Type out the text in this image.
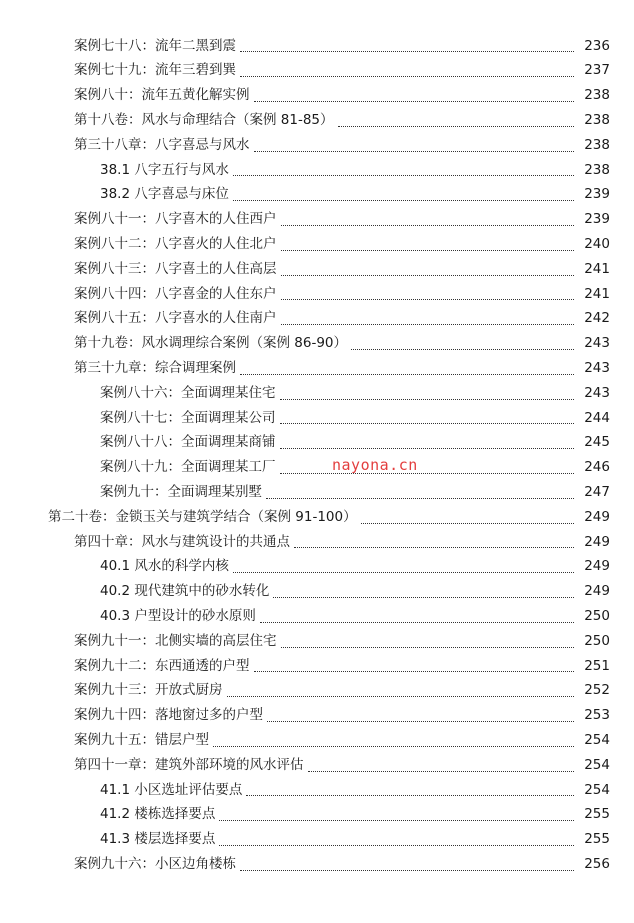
案例七十八：流年二黑到震	236
案例七十九：流年三碧到巽	237
案例八十：流年五黄化解实例	238
第十八卷：风水与命理结合（案例 81-85）	238
第三十八章：八字喜忌与风水	238
38.1 八字五行与风水	238
38.2 八字喜忌与床位	239
案例八十一：八字喜木的人住西户	239
案例八十二：八字喜火的人住北户	240
案例八十三：八字喜土的人住高层	241
案例八十四：八字喜金的人住东户	241
案例八十五：八字喜水的人住南户	242
第十九卷：风水调理综合案例（案例 86-90）	243
第三十九章：综合调理案例	243
案例八十六：全面调理某住宅	243
案例八十七：全面调理某公司	244
案例八十八：全面调理某商铺	245
案例八十九：全面调理某工厂	246
案例九十：全面调理某别墅	247
第二十卷：金锁玉关与建筑学结合（案例 91-100）	249
第四十章：风水与建筑设计的共通点	249
40.1 风水的科学内核	249
40.2 现代建筑中的砂水转化	249
40.3 户型设计的砂水原则	250
案例九十一：北侧实墙的高层住宅	250
案例九十二：东西通透的户型	251
案例九十三：开放式厨房	252
案例九十四：落地窗过多的户型	253
案例九十五：错层户型	254
第四十一章：建筑外部环境的风水评估	254
41.1 小区选址评估要点	254
41.2 楼栋选择要点	255
41.3 楼层选择要点	255
案例九十六：小区边角楼栋	256
nayona.cn
